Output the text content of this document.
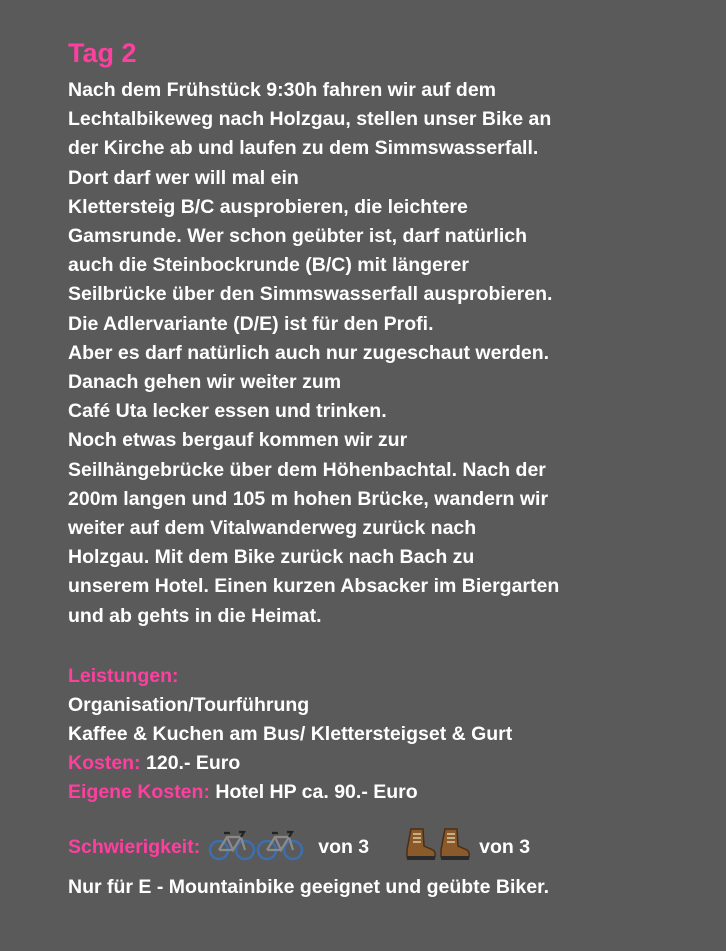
Tag 2
Nach dem Frühstück 9:30h fahren wir auf dem
Lechtalbikeweg nach Holzgau, stellen unser Bike an
der Kirche ab und laufen zu dem Simmswasserfall.
Dort darf wer will mal ein
Klettersteig B/C ausprobieren, die leichtere
Gamsrunde. Wer schon geübter ist, darf natürlich
auch die Steinbockrunde (B/C) mit längerer
Seilbrücke über den Simmswasserfall ausprobieren.
Die Adlervariante (D/E) ist für den Profi.
Aber es darf natürlich auch nur zugeschaut werden.
Danach gehen wir weiter zum
Café Uta lecker essen und trinken.
Noch etwas bergauf kommen wir zur
Seilhängebrücke über dem Höhenbachtal. Nach der
200m langen und 105 m hohen Brücke, wandern wir
weiter auf dem Vitalwanderweg zurück nach
Holzgau. Mit dem Bike zurück nach Bach zu
unserem Hotel. Einen kurzen Absacker im Biergarten
und ab gehts in die Heimat.
Leistungen:
Organisation/Tourführung
Kaffee & Kuchen am Bus/ Klettersteigset & Gurt
Kosten: 120.- Euro
Eigene Kosten: Hotel HP ca. 90.- Euro
Schwierigkeit:	von 3	von 3
Nur für E - Mountainbike geeignet und geübte Biker.
